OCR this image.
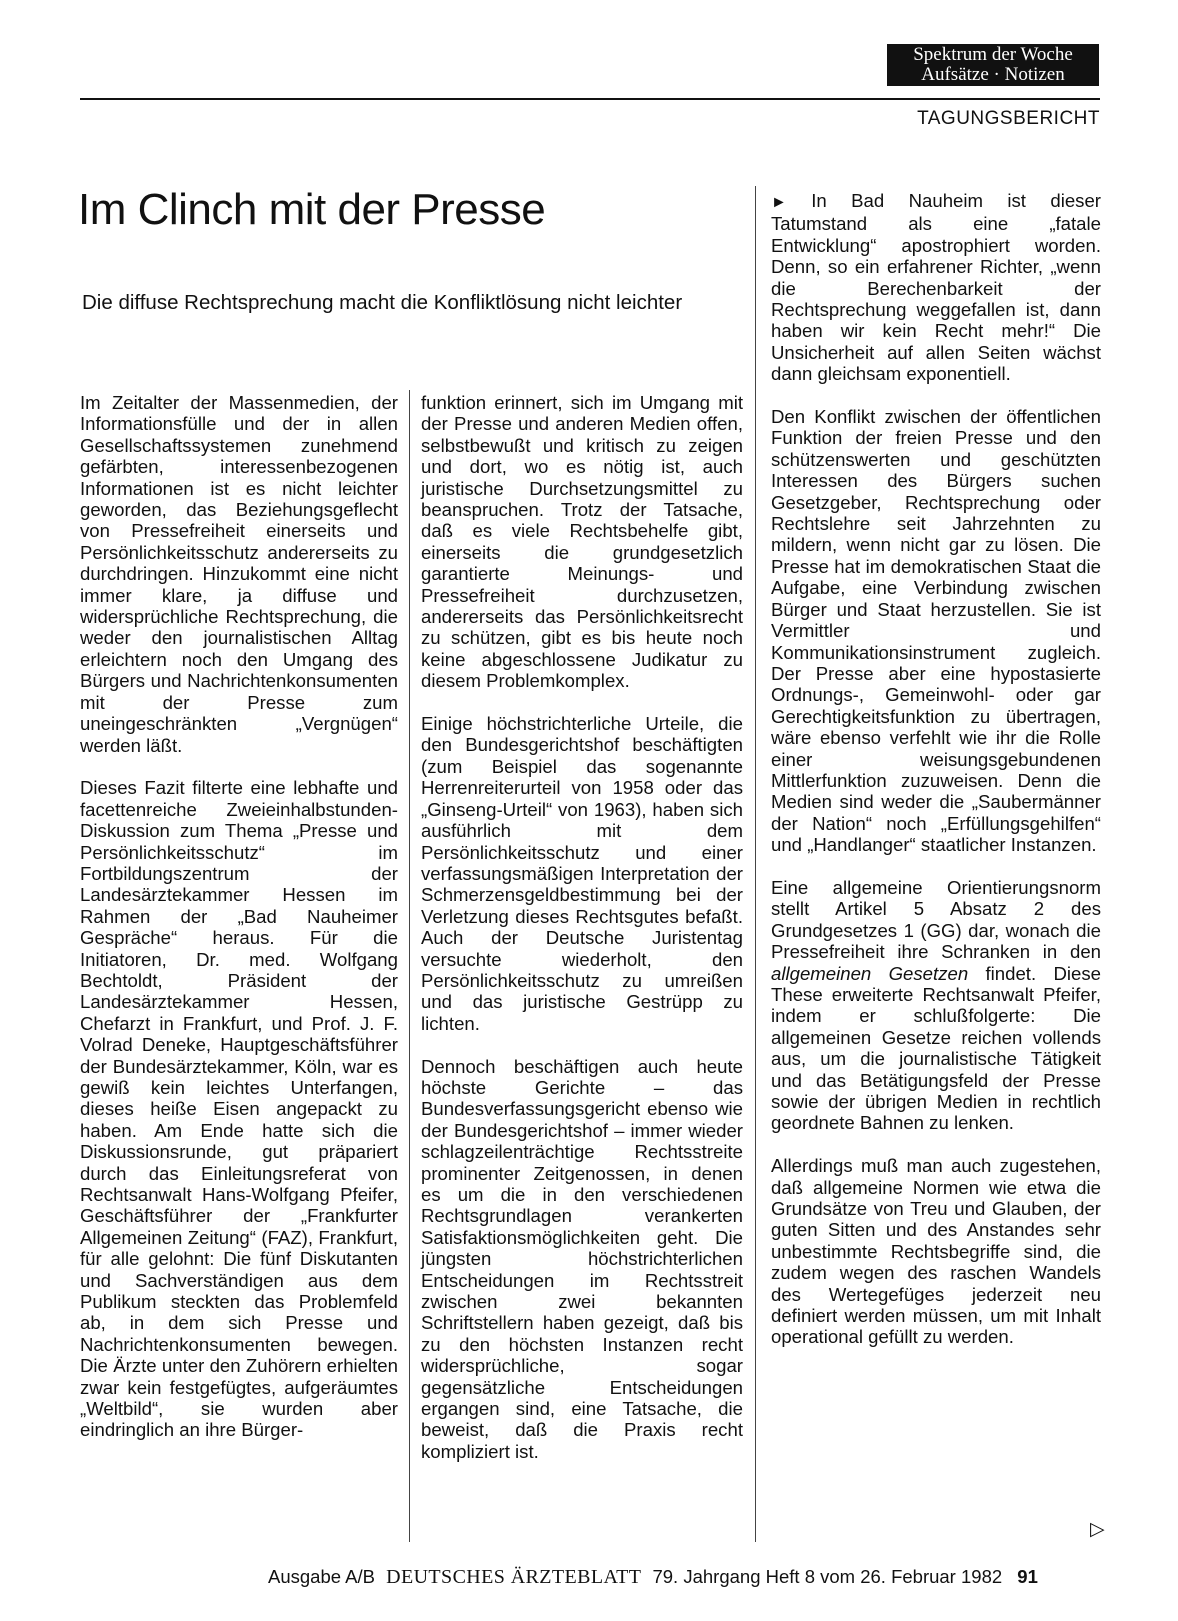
Spektrum der Woche
Aufsätze · Notizen
TAGUNGSBERICHT
Im Clinch mit der Presse
Die diffuse Rechtsprechung macht die Konfliktlösung nicht leichter

Im Zeitalter der Massenmedien, der Informationsfülle und der in allen Gesellschaftssystemen zunehmend gefärbten, interessenbezogenen Informationen ist es nicht leichter geworden, das Beziehungsgeflecht von Pressefreiheit einerseits und Persönlichkeitsschutz andererseits zu durchdringen. Hinzukommt eine nicht immer klare, ja diffuse und widersprüchliche Rechtsprechung, die weder den journalistischen Alltag erleichtern noch den Umgang des Bürgers und Nachrichtenkonsumenten mit der Presse zum uneingeschränkten „Vergnügen“ werden läßt.

Dieses Fazit filterte eine lebhafte und facettenreiche Zweieinhalbstunden-Diskussion zum Thema „Presse und Persönlichkeitsschutz“ im Fortbildungszentrum der Landesärztekammer Hessen im Rahmen der „Bad Nauheimer Gespräche“ heraus. Für die Initiatoren, Dr. med. Wolfgang Bechtoldt, Präsident der Landesärztekammer Hessen, Chefarzt in Frankfurt, und Prof. J. F. Volrad Deneke, Hauptgeschäftsführer der Bundesärztekammer, Köln, war es gewiß kein leichtes Unterfangen, dieses heiße Eisen angepackt zu haben. Am Ende hatte sich die Diskussionsrunde, gut präpariert durch das Einleitungsreferat von Rechtsanwalt Hans-Wolfgang Pfeifer, Geschäftsführer der „Frankfurter Allgemeinen Zeitung“ (FAZ), Frankfurt, für alle gelohnt: Die fünf Diskutanten und Sachverständigen aus dem Publikum steckten das Problemfeld ab, in dem sich Presse und Nachrichtenkonsumenten bewegen. Die Ärzte unter den Zuhörern erhielten zwar kein festgefügtes, aufgeräumtes „Weltbild“, sie wurden aber eindringlich an ihre Bürger-

funktion erinnert, sich im Umgang mit der Presse und anderen Medien offen, selbstbewußt und kritisch zu zeigen und dort, wo es nötig ist, auch juristische Durchsetzungsmittel zu beanspruchen. Trotz der Tatsache, daß es viele Rechtsbehelfe gibt, einerseits die grundgesetzlich garantierte Meinungs- und Pressefreiheit durchzusetzen, andererseits das Persönlichkeitsrecht zu schützen, gibt es bis heute noch keine abgeschlossene Judikatur zu diesem Problemkomplex.

Einige höchstrichterliche Urteile, die den Bundesgerichtshof beschäftigten (zum Beispiel das sogenannte Herrenreiterurteil von 1958 oder das „Ginseng-Urteil“ von 1963), haben sich ausführlich mit dem Persönlichkeitsschutz und einer verfassungsmäßigen Interpretation der Schmerzensgeldbestimmung bei der Verletzung dieses Rechtsgutes befaßt. Auch der Deutsche Juristentag versuchte wiederholt, den Persönlichkeitsschutz zu umreißen und das juristische Gestrüpp zu lichten.

Dennoch beschäftigen auch heute höchste Gerichte – das Bundesverfassungsgericht ebenso wie der Bundesgerichtshof – immer wieder schlagzeilenträchtige Rechtsstreite prominenter Zeitgenossen, in denen es um die in den verschiedenen Rechtsgrundlagen verankerten Satisfaktionsmöglichkeiten geht. Die jüngsten höchstrichterlichen Entscheidungen im Rechtsstreit zwischen zwei bekannten Schriftstellern haben gezeigt, daß bis zu den höchsten Instanzen recht widersprüchliche, sogar gegensätzliche Entscheidungen ergangen sind, eine Tatsache, die beweist, daß die Praxis recht kompliziert ist.

► In Bad Nauheim ist dieser Tatumstand als eine „fatale Entwicklung“ apostrophiert worden. Denn, so ein erfahrener Richter, „wenn die Berechenbarkeit der Rechtsprechung weggefallen ist, dann haben wir kein Recht mehr!“ Die Unsicherheit auf allen Seiten wächst dann gleichsam exponentiell.

Den Konflikt zwischen der öffentlichen Funktion der freien Presse und den schützenswerten und geschützten Interessen des Bürgers suchen Gesetzgeber, Rechtsprechung oder Rechtslehre seit Jahrzehnten zu mildern, wenn nicht gar zu lösen. Die Presse hat im demokratischen Staat die Aufgabe, eine Verbindung zwischen Bürger und Staat herzustellen. Sie ist Vermittler und Kommunikationsinstrument zugleich. Der Presse aber eine hypostasierte Ordnungs-, Gemeinwohl- oder gar Gerechtigkeitsfunktion zu übertragen, wäre ebenso verfehlt wie ihr die Rolle einer weisungsgebundenen Mittlerfunktion zuzuweisen. Denn die Medien sind weder die „Saubermänner der Nation“ noch „Erfüllungsgehilfen“ und „Handlanger“ staatlicher Instanzen.

Eine allgemeine Orientierungsnorm stellt Artikel 5 Absatz 2 des Grundgesetzes 1 (GG) dar, wonach die Pressefreiheit ihre Schranken in den allgemeinen Gesetzen findet. Diese These erweiterte Rechtsanwalt Pfeifer, indem er schlußfolgerte: Die allgemeinen Gesetze reichen vollends aus, um die journalistische Tätigkeit und das Betätigungsfeld der Presse sowie der übrigen Medien in rechtlich geordnete Bahnen zu lenken.

Allerdings muß man auch zugestehen, daß allgemeine Normen wie etwa die Grundsätze von Treu und Glauben, der guten Sitten und des Anstandes sehr unbestimmte Rechtsbegriffe sind, die zudem wegen des raschen Wandels des Wertegefüges jederzeit neu definiert werden müssen, um mit Inhalt operational gefüllt zu werden.

▷
Ausgabe A/B DEUTSCHES ÄRZTEBLATT 79. Jahrgang Heft 8 vom 26. Februar 1982 91
